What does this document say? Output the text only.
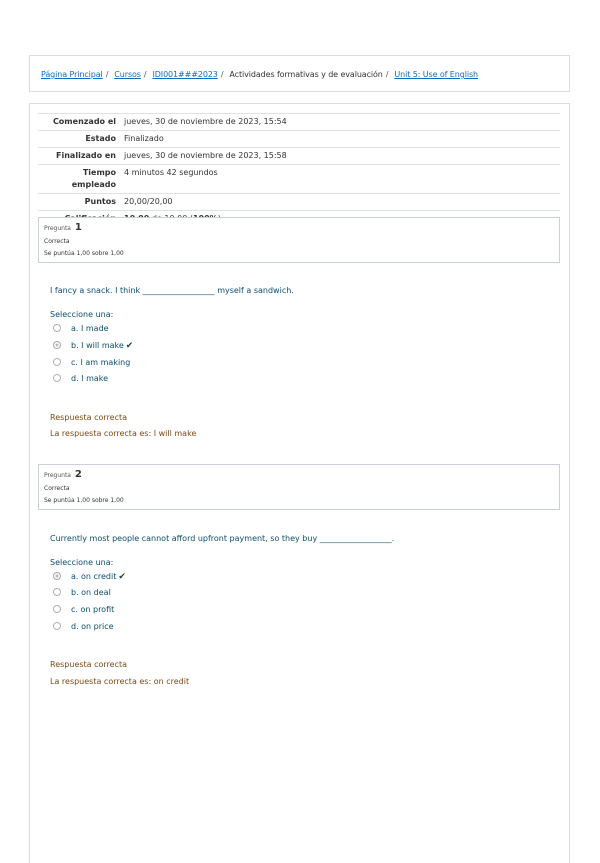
Página Principal / Cursos / IDI001###2023 / Actividades formativas y de evaluación / Unit 5: Use of English
Comenzado el	jueves, 30 de noviembre de 2023, 15:54
Estado	Finalizado
Finalizado en	jueves, 30 de noviembre de 2023, 15:58
Tiempo empleado	4 minutos 42 segundos
Puntos	20,00/20,00

Pregunta 1
Correcta
Se puntúa 1,00 sobre 1,00
I fancy a snack. I think __________________ myself a sandwich.
Seleccione una:
a. I made
b. I will make ✔
c. I am making
d. I make
Respuesta correcta
La respuesta correcta es: I will make
Pregunta 2
Correcta
Se puntúa 1,00 sobre 1,00
Currently most people cannot afford upfront payment, so they buy __________________.
Seleccione una:
a. on credit ✔
b. on deal
c. on profit
d. on price
Respuesta correcta
La respuesta correcta es: on credit
